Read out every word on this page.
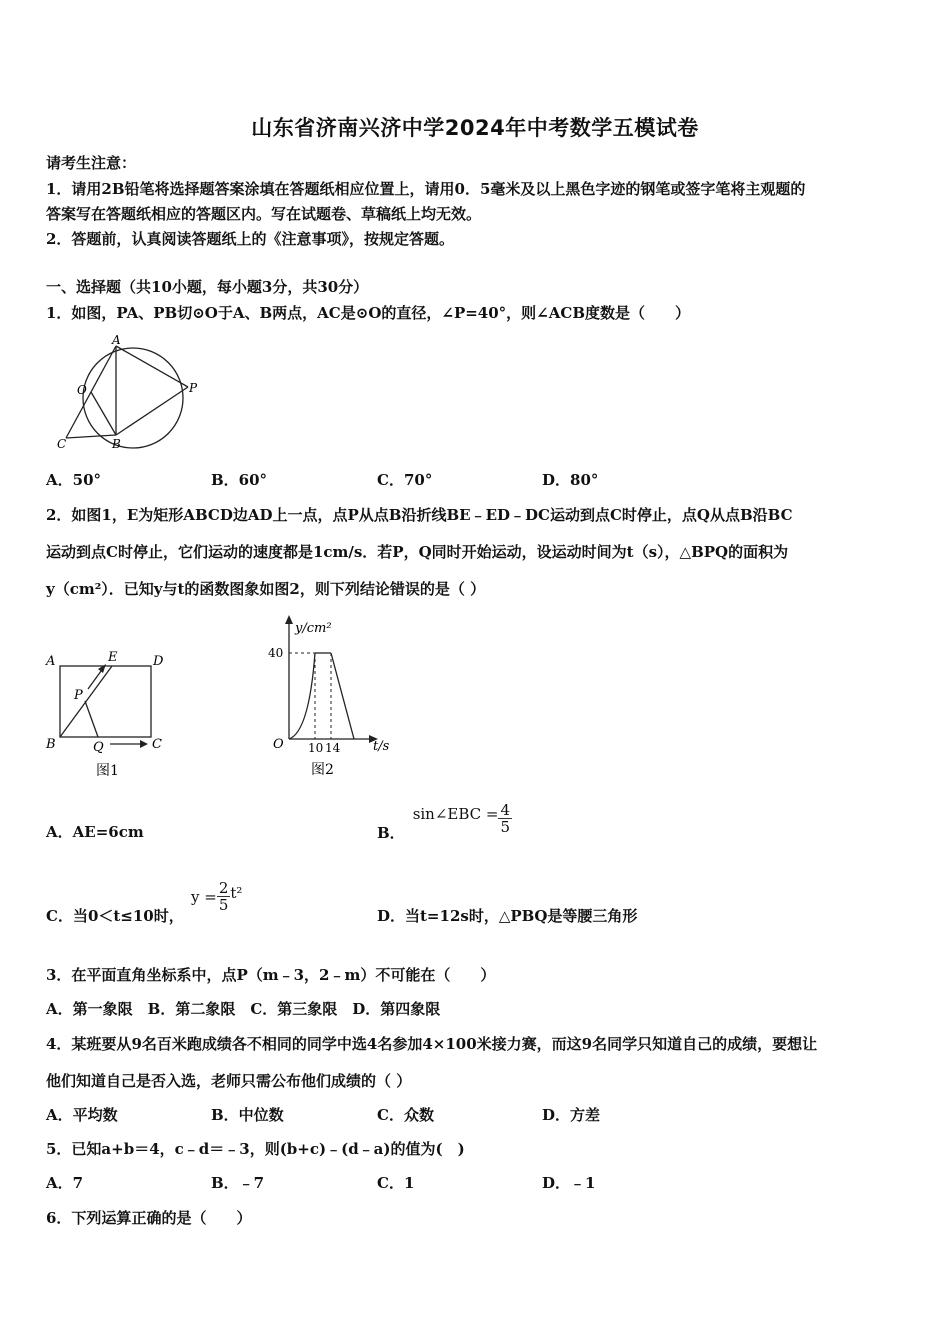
山东省济南兴济中学2024年中考数学五模试卷
请考生注意：
1．请用2B铅笔将选择题答案涂填在答题纸相应位置上，请用0．5毫米及以上黑色字迹的钢笔或签字笔将主观题的
答案写在答题纸相应的答题区内。写在试题卷、草稿纸上均无效。
2．答题前，认真阅读答题纸上的《注意事项》，按规定答题。
一、选择题（共10小题，每小题3分，共30分）
1．如图，PA、PB切⊙O于A、B两点，AC是⊙O的直径，∠P=40°，则∠ACB度数是（　　）
A
O	P
C	B
A．50°	B．60°	C．70°	D．80°
2．如图1，E为矩形ABCD边AD上一点，点P从点B沿折线BE﹣ED﹣DC运动到点C时停止，点Q从点B沿BC
运动到点C时停止，它们运动的速度都是1cm/s．若P，Q同时开始运动，设运动时间为t（s），△BPQ的面积为
y（cm²）．已知y与t的函数图象如图2，则下列结论错误的是（ ）
A	E	D
P
B	Q	C
图1
y/cm²
40
O 10 14	t/s
图2
A．AE=6cm	B．sin∠EBC = $\frac{4}{5}$
C．当0＜t≤10时，
$y = \frac{2}{5} t^2$
D．当t=12s时，△PBQ是等腰三角形
3．在平面直角坐标系中，点P（m﹣3，2﹣m）不可能在（　　）
A．第一象限　B．第二象限　C．第三象限　D．第四象限
4．某班要从9名百米跑成绩各不相同的同学中选4名参加4×100米接力赛，而这9名同学只知道自己的成绩，要想让
他们知道自己是否入选，老师只需公布他们成绩的（ ）
A．平均数	B．中位数	C．众数	D．方差
5．已知a+b＝4，c﹣d＝﹣3，则(b+c)﹣(d﹣a)的值为(　)
A．7	B．﹣7	C．1	D．﹣1
6．下列运算正确的是（　　）
